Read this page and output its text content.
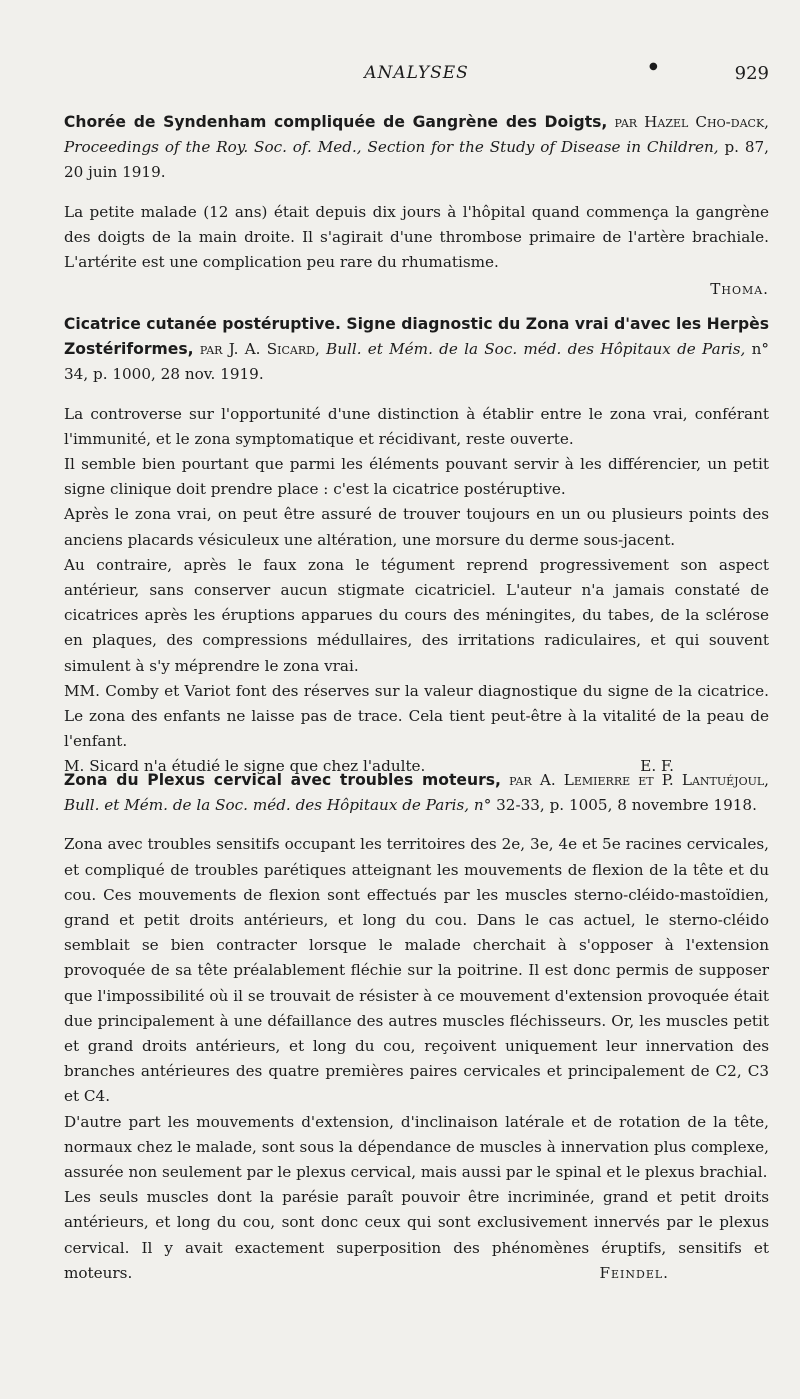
ANALYSES	●	929

Chorée de Syndenham compliquée de Gangrène des Doigts, par Hazel Cho-dack, Proceedings of the Roy. Soc. of. Med., Section for the Study of Disease in Children, p. 87, 20 juin 1919.

La petite malade (12 ans) était depuis dix jours à l'hôpital quand commença la gangrène des doigts de la main droite. Il s'agirait d'une thrombose primaire de l'artère brachiale. L'artérite est une complication peu rare du rhumatisme.

Thoma.

Cicatrice cutanée postéruptive. Signe diagnostic du Zona vrai d'avec les Herpès Zostériformes, par J. A. Sicard, Bull. et Mém. de la Soc. méd. des Hôpitaux de Paris, n° 34, p. 1000, 28 nov. 1919.

La controverse sur l'opportunité d'une distinction à établir entre le zona vrai, conférant l'immunité, et le zona symptomatique et récidivant, reste ouverte.

Il semble bien pourtant que parmi les éléments pouvant servir à les différencier, un petit signe clinique doit prendre place : c'est la cicatrice postéruptive.

Après le zona vrai, on peut être assuré de trouver toujours en un ou plusieurs points des anciens placards vésiculeux une altération, une morsure du derme sous-jacent.

Au contraire, après le faux zona le tégument reprend progressivement son aspect antérieur, sans conserver aucun stigmate cicatriciel. L'auteur n'a jamais constaté de cicatrices après les éruptions apparues du cours des méningites, du tabes, de la sclérose en plaques, des compressions médullaires, des irritations radiculaires, et qui souvent simulent à s'y méprendre le zona vrai.

MM. Comby et Variot font des réserves sur la valeur diagnostique du signe de la cicatrice. Le zona des enfants ne laisse pas de trace. Cela tient peut-être à la vitalité de la peau de l'enfant.

M. Sicard n'a étudié le signe que chez l'adulte.	E. F.

Zona du Plexus cervical avec troubles moteurs, par A. Lemierre et P. Lantuéjoul, Bull. et Mém. de la Soc. méd. des Hôpitaux de Paris, n° 32-33, p. 1005, 8 novembre 1918.

Zona avec troubles sensitifs occupant les territoires des 2e, 3e, 4e et 5e racines cervicales, et compliqué de troubles parétiques atteignant les mouvements de flexion de la tête et du cou. Ces mouvements de flexion sont effectués par les muscles sterno-cléido-mastoïdien, grand et petit droits antérieurs, et long du cou. Dans le cas actuel, le sterno-cléido semblait se bien contracter lorsque le malade cherchait à s'opposer à l'extension provoquée de sa tête préalablement fléchie sur la poitrine. Il est donc permis de supposer que l'impossibilité où il se trouvait de résister à ce mouvement d'extension provoquée était due principalement à une défaillance des autres muscles fléchisseurs. Or, les muscles petit et grand droits antérieurs, et long du cou, reçoivent uniquement leur innervation des branches antérieures des quatre premières paires cervicales et principalement de C2, C3 et C4.

D'autre part les mouvements d'extension, d'inclinaison latérale et de rotation de la tête, normaux chez le malade, sont sous la dépendance de muscles à innervation plus complexe, assurée non seulement par le plexus cervical, mais aussi par le spinal et le plexus brachial.

Les seuls muscles dont la parésie paraît pouvoir être incriminée, grand et petit droits antérieurs, et long du cou, sont donc ceux qui sont exclusivement innervés par le plexus cervical. Il y avait exactement superposition des phénomènes éruptifs, sensitifs et moteurs.	Feindel.
